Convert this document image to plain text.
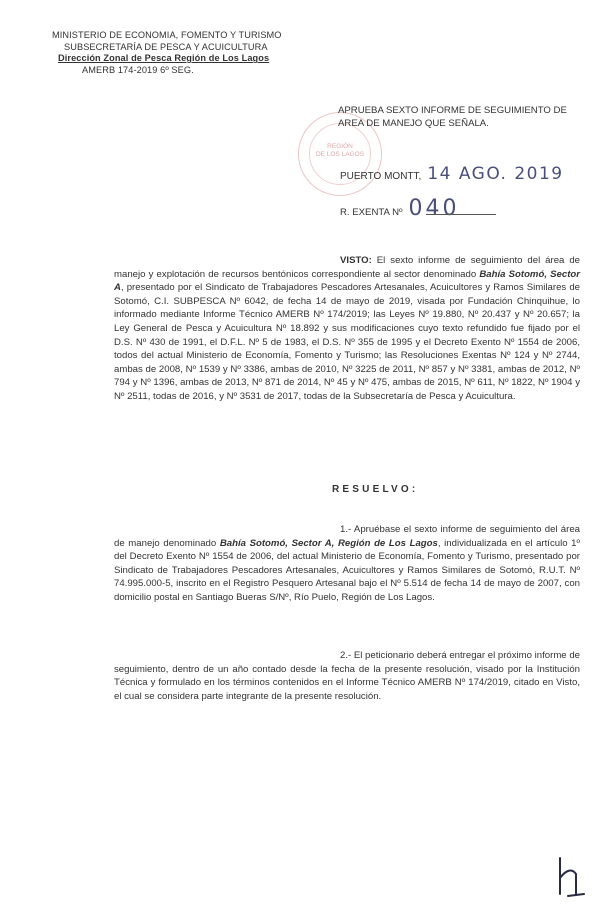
MINISTERIO DE ECONOMIA, FOMENTO Y TURISMO
SUBSECRETARÍA DE PESCA Y ACUICULTURA
Dirección Zonal de Pesca Región de Los Lagos
AMERB 174-2019 6º SEG.
REGIÓN
DE LOS LAGOS
APRUEBA SEXTO INFORME DE SEGUIMIENTO DE
AREA DE MANEJO QUE SEÑALA.
PUERTO MONTT, 14 AGO. 2019
R. EXENTA Nº 040
VISTO: El sexto informe de seguimiento del área de manejo y explotación de recursos bentónicos correspondiente al sector denominado Bahía Sotomó, Sector A, presentado por el Sindicato de Trabajadores Pescadores Artesanales, Acuicultores y Ramos Similares de Sotomó, C.I. SUBPESCA Nº 6042, de fecha 14 de mayo de 2019, visada por Fundación Chinquihue, lo informado mediante Informe Técnico AMERB Nº 174/2019; las Leyes Nº 19.880, Nº 20.437 y Nº 20.657; la Ley General de Pesca y Acuicultura Nº 18.892 y sus modificaciones cuyo texto refundido fue fijado por el D.S. Nº 430 de 1991, el D.F.L. Nº 5 de 1983, el D.S. Nº 355 de 1995 y el Decreto Exento Nº 1554 de 2006, todos del actual Ministerio de Economía, Fomento y Turismo; las Resoluciones Exentas Nº 124 y Nº 2744, ambas de 2008, Nº 1539 y Nº 3386, ambas de 2010, Nº 3225 de 2011, Nº 857 y Nº 3381, ambas de 2012, Nº 794 y Nº 1396, ambas de 2013, Nº 871 de 2014, Nº 45 y Nº 475, ambas de 2015, Nº 611, Nº 1822, Nº 1904 y Nº 2511, todas de 2016, y Nº 3531 de 2017, todas de la Subsecretaría de Pesca y Acuicultura.
RESUELVO:
1.- Apruébase el sexto informe de seguimiento del área de manejo denominado Bahía Sotomó, Sector A, Región de Los Lagos, individualizada en el artículo 1º del Decreto Exento Nº 1554 de 2006, del actual Ministerio de Economía, Fomento y Turismo, presentado por Sindicato de Trabajadores Pescadores Artesanales, Acuicultores y Ramos Similares de Sotomó, R.U.T. Nº 74.995.000-5, inscrito en el Registro Pesquero Artesanal bajo el Nº 5.514 de fecha 14 de mayo de 2007, con domicilio postal en Santiago Bueras S/Nº, Río Puelo, Región de Los Lagos.
2.- El peticionario deberá entregar el próximo informe de seguimiento, dentro de un año contado desde la fecha de la presente resolución, visado por la Institución Técnica y formulado en los términos contenidos en el Informe Técnico AMERB Nº 174/2019, citado en Visto, el cual se considera parte integrante de la presente resolución.
